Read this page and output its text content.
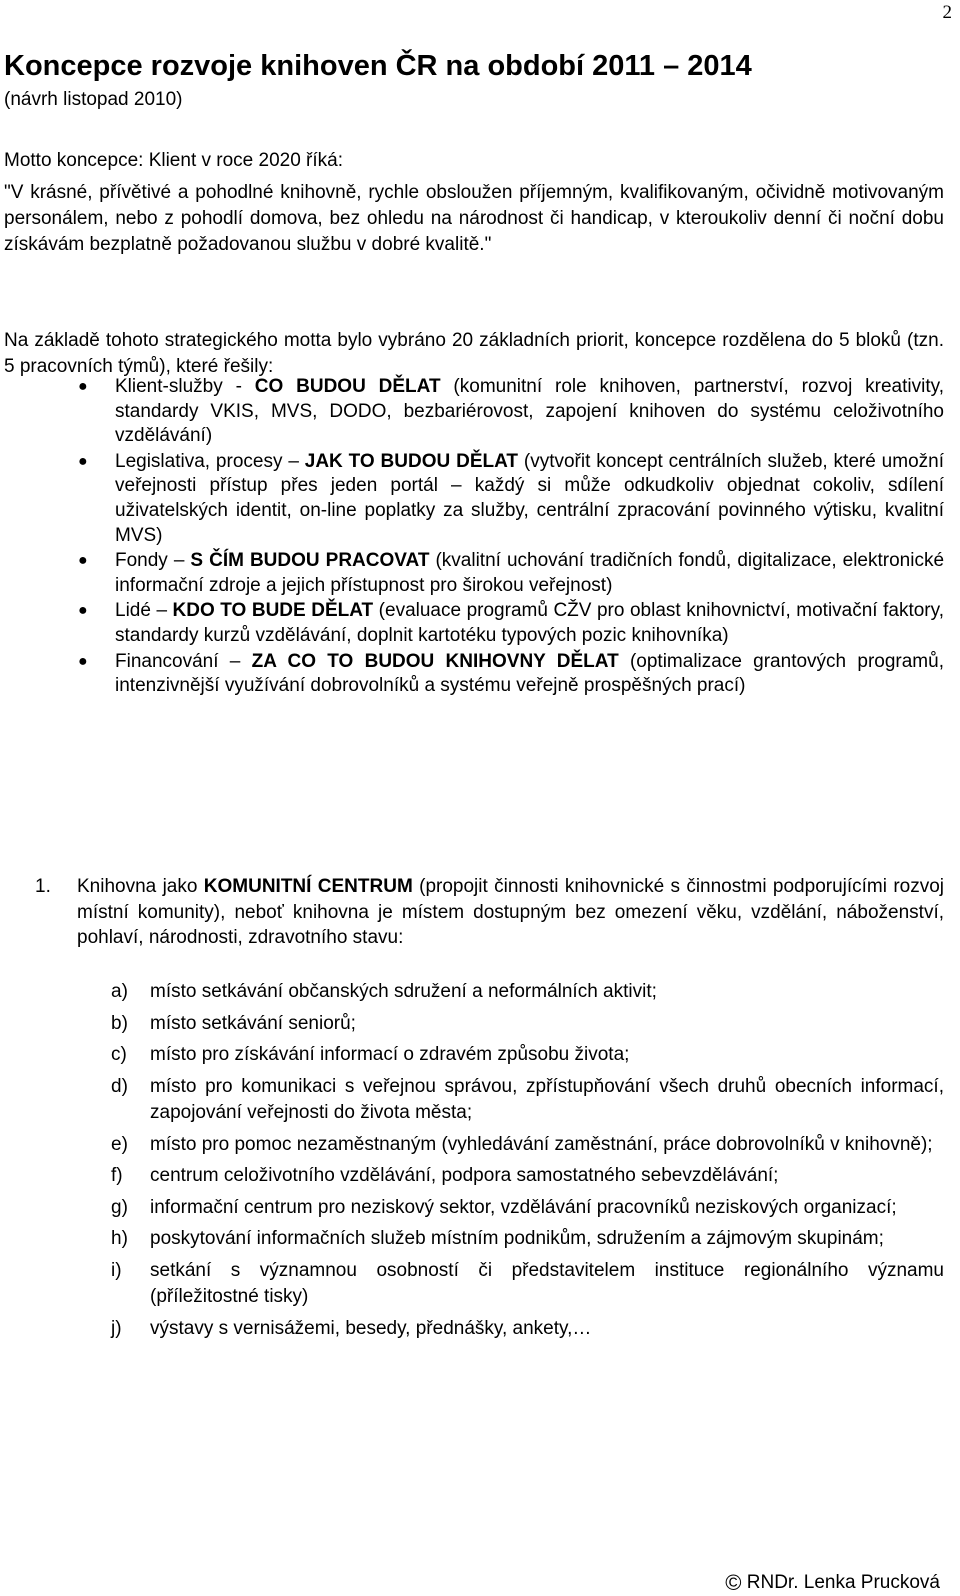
2
Koncepce rozvoje knihoven ČR na období 2011 – 2014
(návrh listopad 2010)
Motto koncepce: Klient v roce 2020 říká:
"V krásné, přívětivé a pohodlné knihovně, rychle obsloužen příjemným, kvalifikovaným, očividně motivovaným personálem, nebo z pohodlí domova, bez ohledu na národnost či handicap, v kteroukoliv denní či noční dobu získávám bezplatně požadovanou službu v dobré kvalitě."
Na základě tohoto strategického motta bylo vybráno 20 základních priorit, koncepce rozdělena do 5 bloků (tzn. 5 pracovních týmů), které řešily:
● Klient-služby - CO BUDOU DĚLAT (komunitní role knihoven, partnerství, rozvoj kreativity, standardy VKIS, MVS, DODO, bezbariérovost, zapojení knihoven do systému celoživotního vzdělávání)
● Legislativa, procesy – JAK TO BUDOU DĚLAT (vytvořit koncept centrálních služeb, které umožní veřejnosti přístup přes jeden portál – každý si může odkudkoliv objednat cokoliv, sdílení uživatelských identit, on-line poplatky za služby, centrální zpracování povinného výtisku, kvalitní MVS)
● Fondy – S ČÍM BUDOU PRACOVAT (kvalitní uchování tradičních fondů, digitalizace, elektronické informační zdroje a jejich přístupnost pro širokou veřejnost)
● Lidé – KDO TO BUDE DĚLAT (evaluace programů CŽV pro oblast knihovnictví, motivační faktory, standardy kurzů vzdělávání, doplnit kartotéku typových pozic knihovníka)
● Financování – ZA CO TO BUDOU KNIHOVNY DĚLAT (optimalizace grantových programů, intenzivnější využívání dobrovolníků a systému veřejně prospěšných prací)
1. Knihovna jako KOMUNITNÍ CENTRUM (propojit činnosti knihovnické s činnostmi podporujícími rozvoj místní komunity), neboť knihovna je místem dostupným bez omezení věku, vzdělání, náboženství, pohlaví, národnosti, zdravotního stavu:
a) místo setkávání občanských sdružení a neformálních aktivit;
b) místo setkávání seniorů;
c) místo pro získávání informací o zdravém způsobu života;
d) místo pro komunikaci s veřejnou správou, zpřístupňování všech druhů obecních informací, zapojování veřejnosti do života města;
e) místo pro pomoc nezaměstnaným (vyhledávání zaměstnání, práce dobrovolníků v knihovně);
f) centrum celoživotního vzdělávání, podpora samostatného sebevzdělávání;
g) informační centrum pro neziskový sektor, vzdělávání pracovníků neziskových organizací;
h) poskytování informačních služeb místním podnikům, sdružením a zájmovým skupinám;
i) setkání s významnou osobností či představitelem instituce regionálního významu (příležitostné tisky)
j) výstavy s vernisážemi, besedy, přednášky, ankety,…
© RNDr. Lenka Prucková
